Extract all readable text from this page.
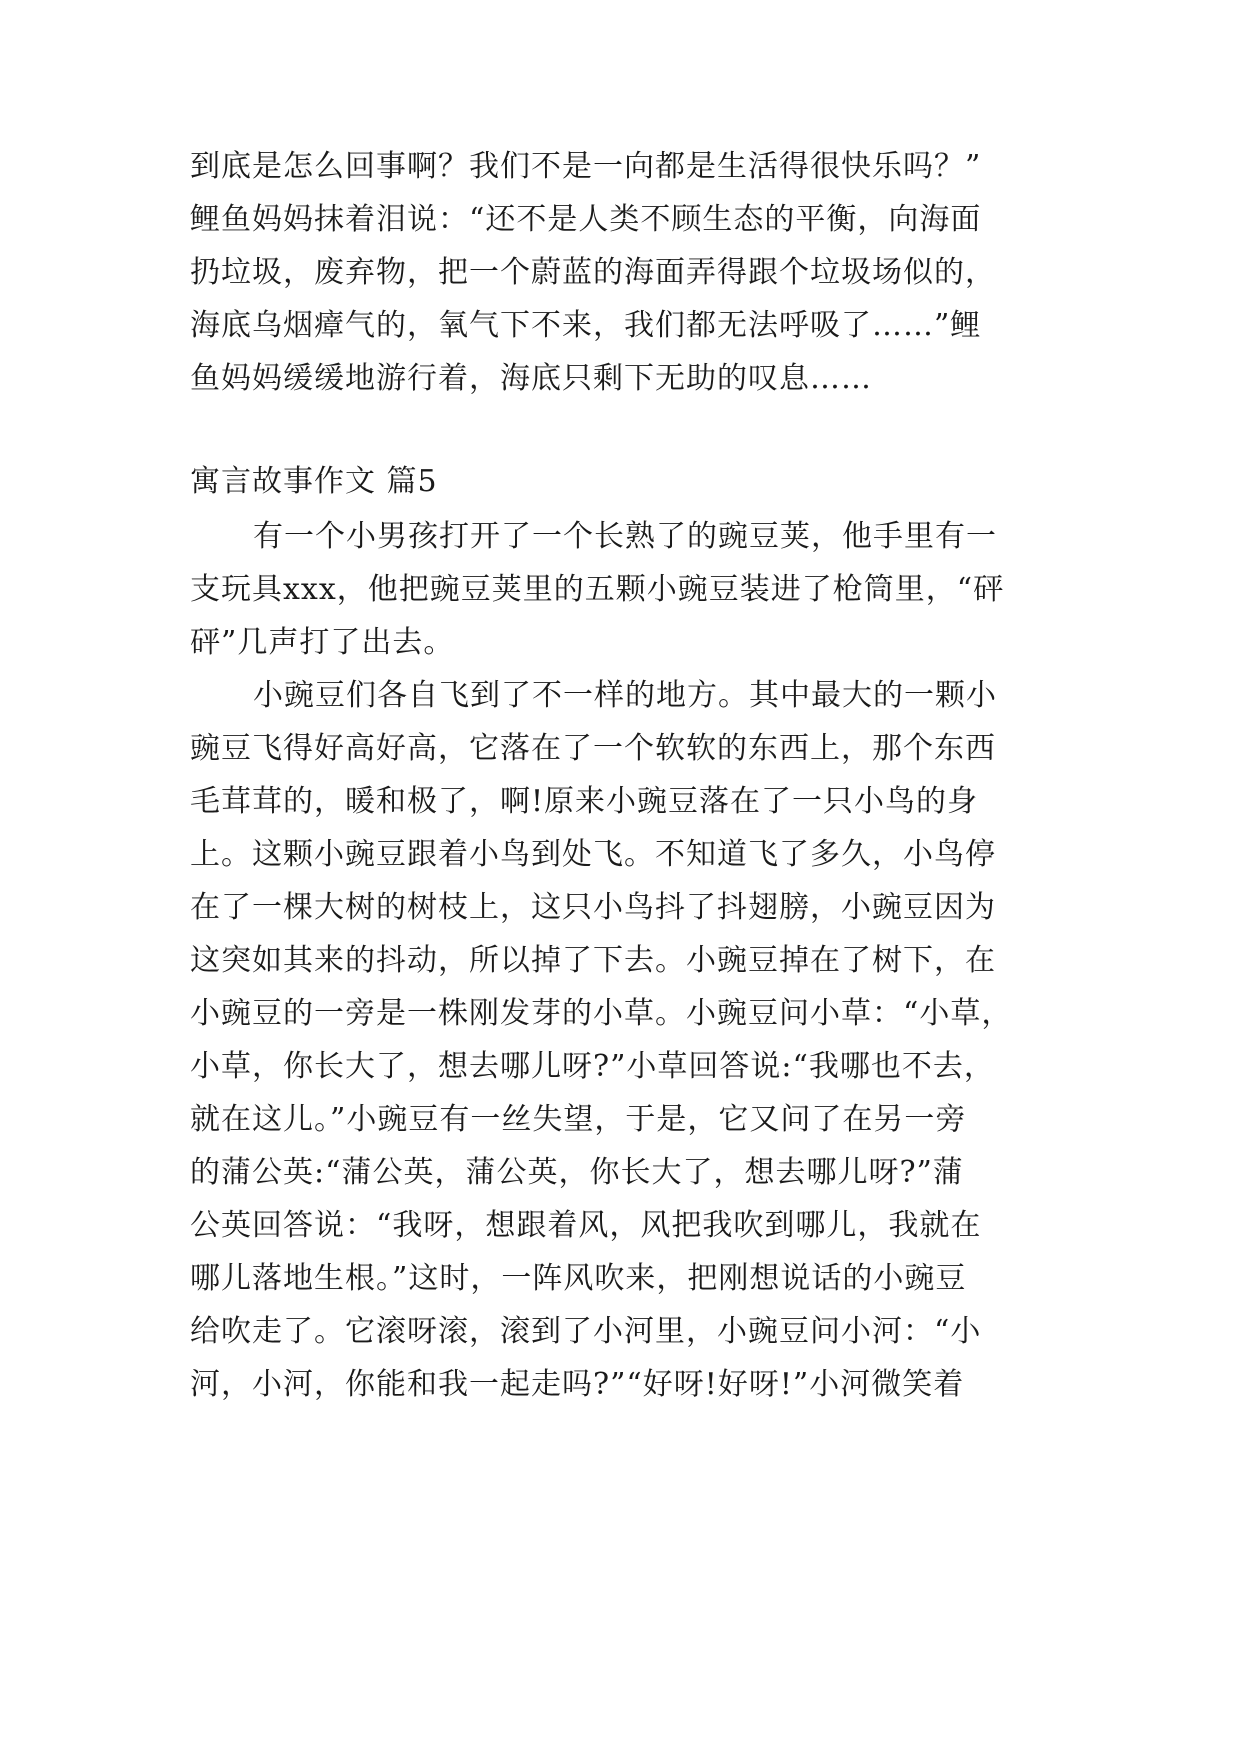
到底是怎么回事啊？我们不是一向都是生活得很快乐吗？”
鲤鱼妈妈抹着泪说：“还不是人类不顾生态的平衡，向海面
扔垃圾，废弃物，把一个蔚蓝的海面弄得跟个垃圾场似的，
海底乌烟瘴气的，氧气下不来，我们都无法呼吸了……”鲤
鱼妈妈缓缓地游行着，海底只剩下无助的叹息……
寓言故事作文 篇5
有一个小男孩打开了一个长熟了的豌豆荚，他手里有一
支玩具xxx，他把豌豆荚里的五颗小豌豆装进了枪筒里，“砰
砰”几声打了出去。
小豌豆们各自飞到了不一样的地方。其中最大的一颗小
豌豆飞得好高好高，它落在了一个软软的东西上，那个东西
毛茸茸的，暖和极了，啊!原来小豌豆落在了一只小鸟的身
上。这颗小豌豆跟着小鸟到处飞。不知道飞了多久，小鸟停
在了一棵大树的树枝上，这只小鸟抖了抖翅膀，小豌豆因为
这突如其来的抖动，所以掉了下去。小豌豆掉在了树下，在
小豌豆的一旁是一株刚发芽的小草。小豌豆问小草：“小草，
小草，你长大了，想去哪儿呀?”小草回答说:“我哪也不去，
就在这儿。”小豌豆有一丝失望，于是，它又问了在另一旁
的蒲公英:“蒲公英，蒲公英，你长大了，想去哪儿呀?”蒲
公英回答说：“我呀，想跟着风，风把我吹到哪儿，我就在
哪儿落地生根。”这时，一阵风吹来，把刚想说话的小豌豆
给吹走了。它滚呀滚，滚到了小河里，小豌豆问小河：“小
河，小河，你能和我一起走吗?”“好呀!好呀!”小河微笑着
